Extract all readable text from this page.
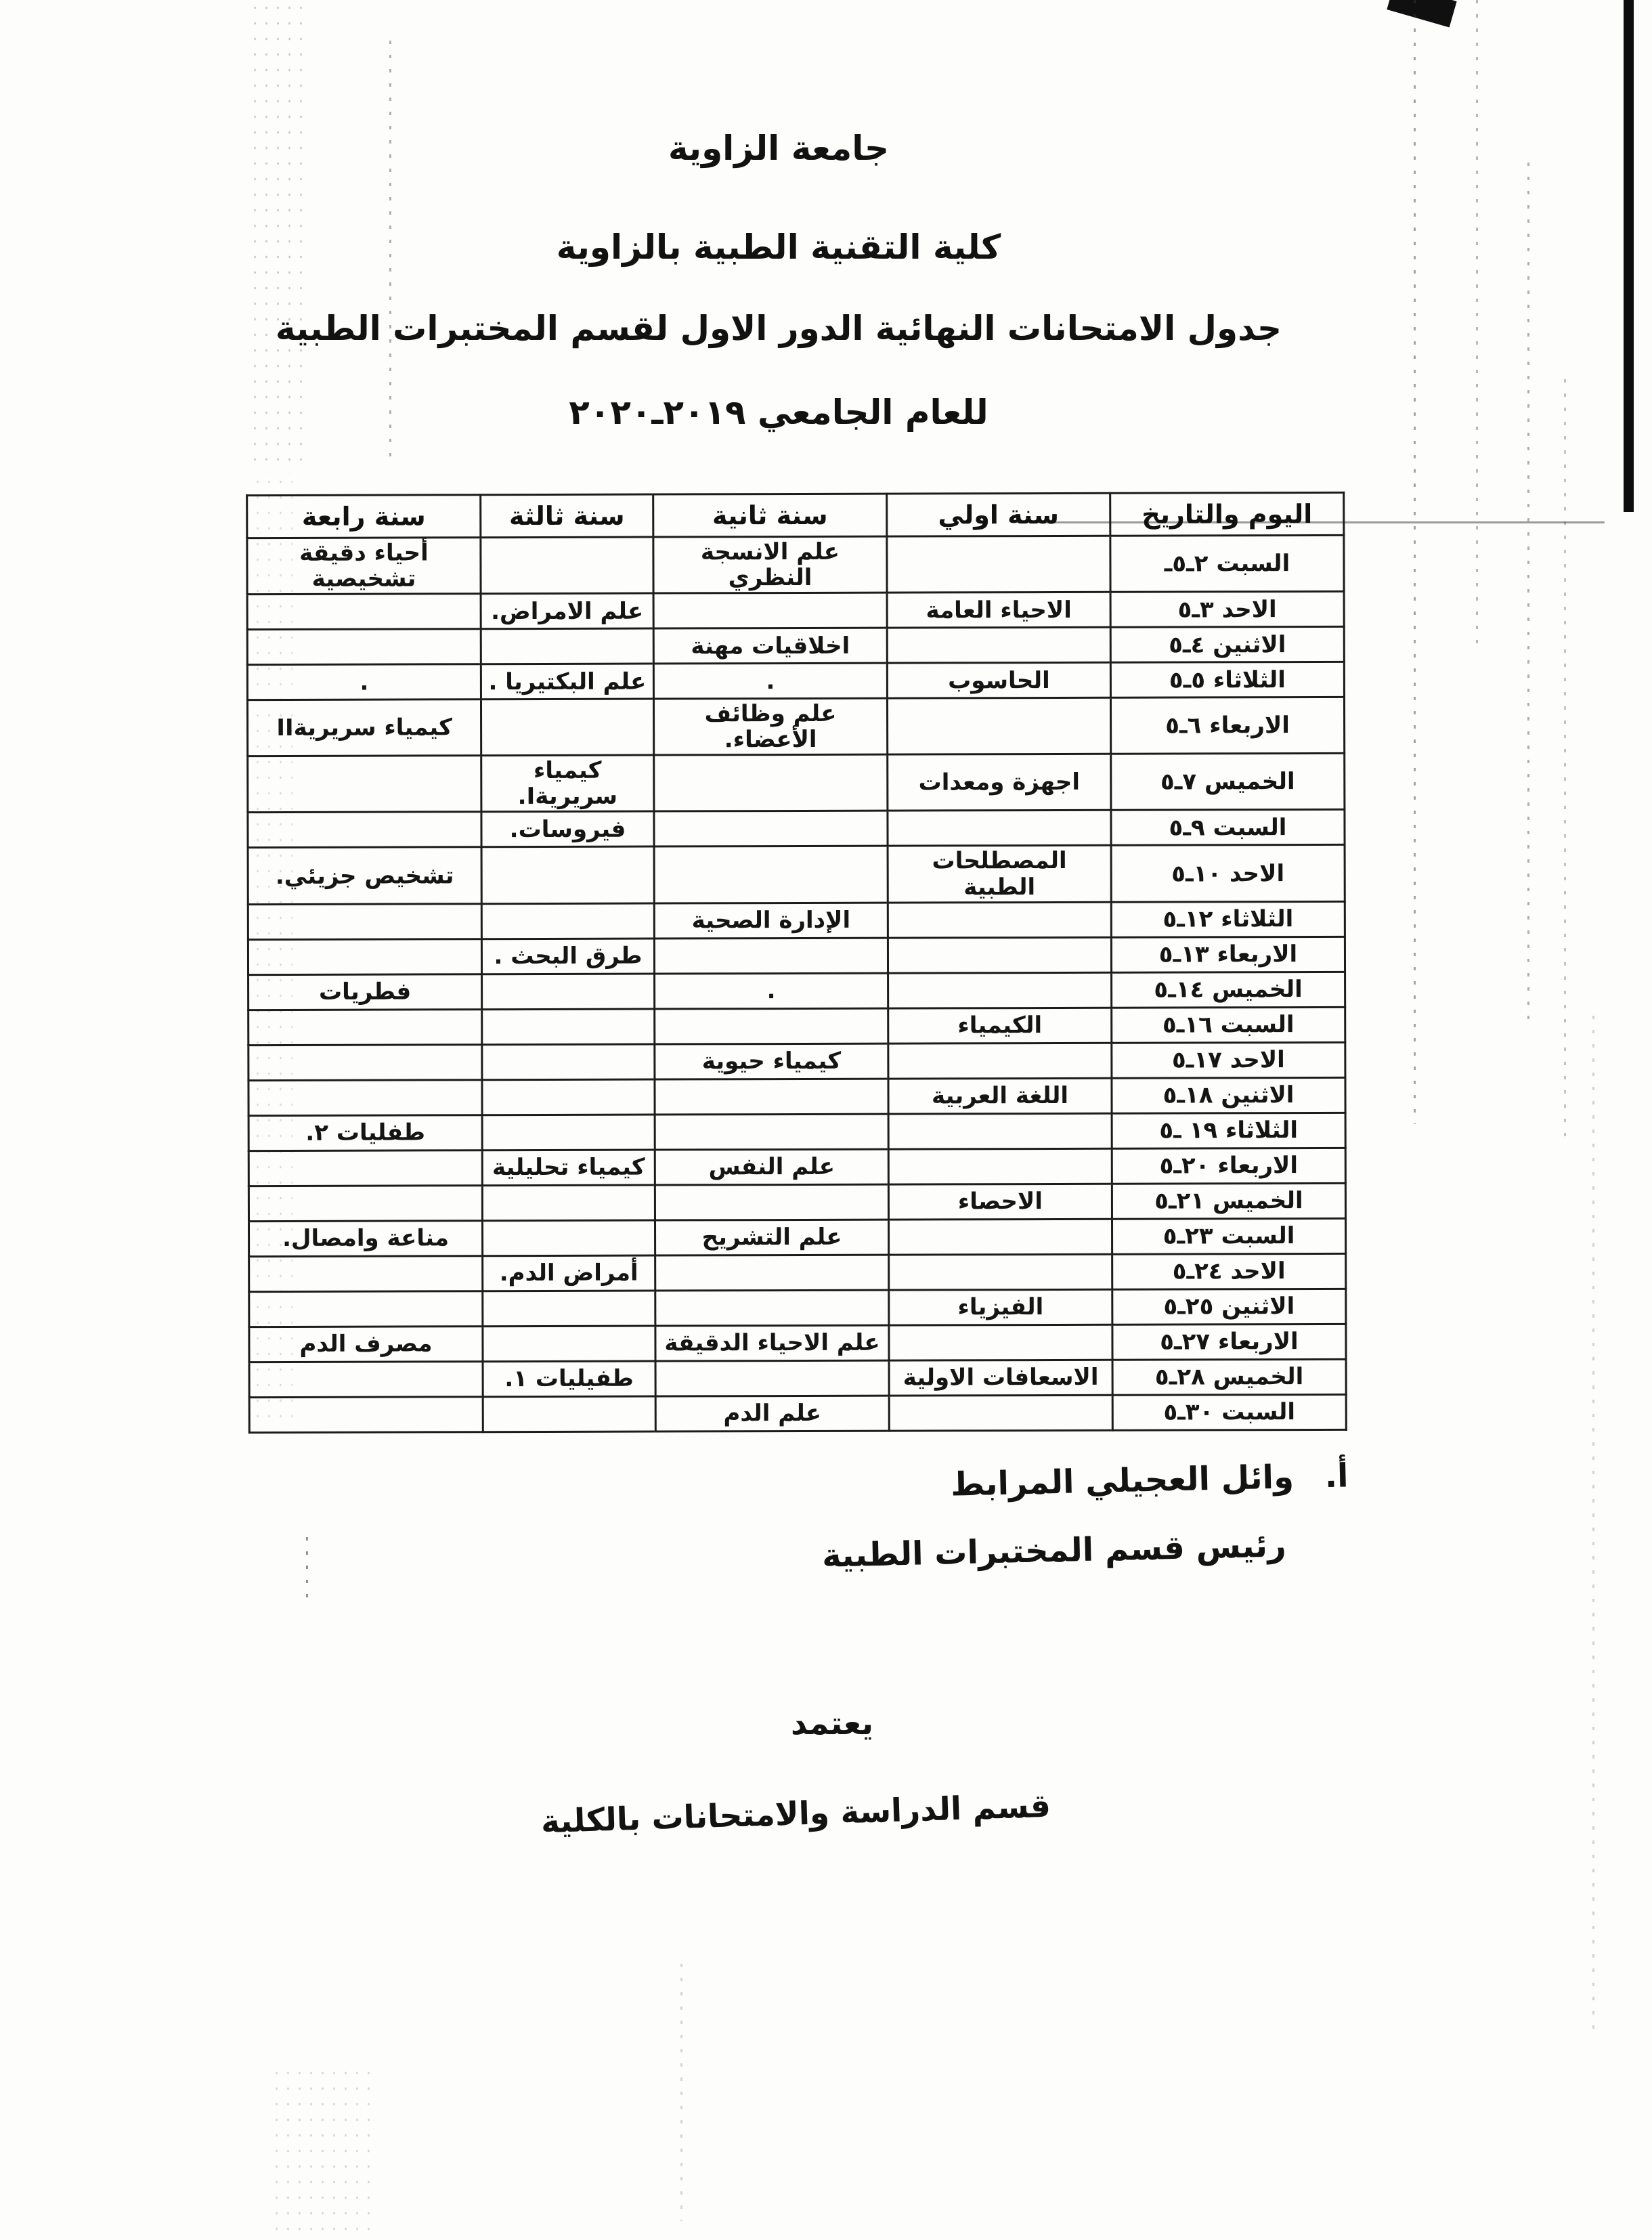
جامعة الزاوية
كلية التقنية الطبية بالزاوية
جدول الامتحانات النهائية الدور الاول لقسم المختبرات الطبية
للعام الجامعي ٢٠١٩ـ٢٠٢٠
اليوم والتاريخ	سنة اولي	سنة ثانية	سنة ثالثة	سنة رابعة
السبت ٢ـ٥ـ		علم الانسجة النظري		أحياء دقيقة تشخيصية
الاحد ٣ـ٥	الاحياء العامة		علم الامراض.	
الاثنين ٤ـ٥		اخلاقيات مهنة		
الثلاثاء ٥ـ٥	الحاسوب	.	علم البكتيريا .	.
الاربعاء ٦ـ٥		علم وظائف الأعضاء.		كيمياء سريريةII
الخميس ٧ـ٥	اجهزة ومعدات		كيمياء سريريةI.	
السبت ٩ـ٥			فيروسات.	
الاحد ١٠ـ٥	المصطلحات الطبية			تشخيص جزيئي.
الثلاثاء ١٢ـ٥		الإدارة الصحية		
الاربعاء ١٣ـ٥			طرق البحث .	
الخميس ١٤ـ٥		.		فطريات
السبت ١٦ـ٥	الكيمياء			
الاحد ١٧ـ٥		كيمياء حيوية		
الاثنين ١٨ـ٥	اللغة العربية			
الثلاثاء ١٩ ـ٥				طفليات ٢.
الاربعاء ٢٠ـ٥		علم النفس	كيمياء تحليلية	
الخميس ٢١ـ٥	الاحصاء			
السبت ٢٣ـ٥		علم التشريح		مناعة وامصال.
الاحد ٢٤ـ٥			أمراض الدم.	
الاثنين ٢٥ـ٥	الفيزياء			
الاربعاء ٢٧ـ٥		علم الاحياء الدقيقة		مصرف الدم
الخميس ٢٨ـ٥	الاسعافات الاولية		طفيليات ١.	
السبت ٣٠ـ٥		علم الدم		
أ.وائل العجيلي المرابط
رئيس قسم المختبرات الطبية
يعتمد
قسم الدراسة والامتحانات بالكلية
